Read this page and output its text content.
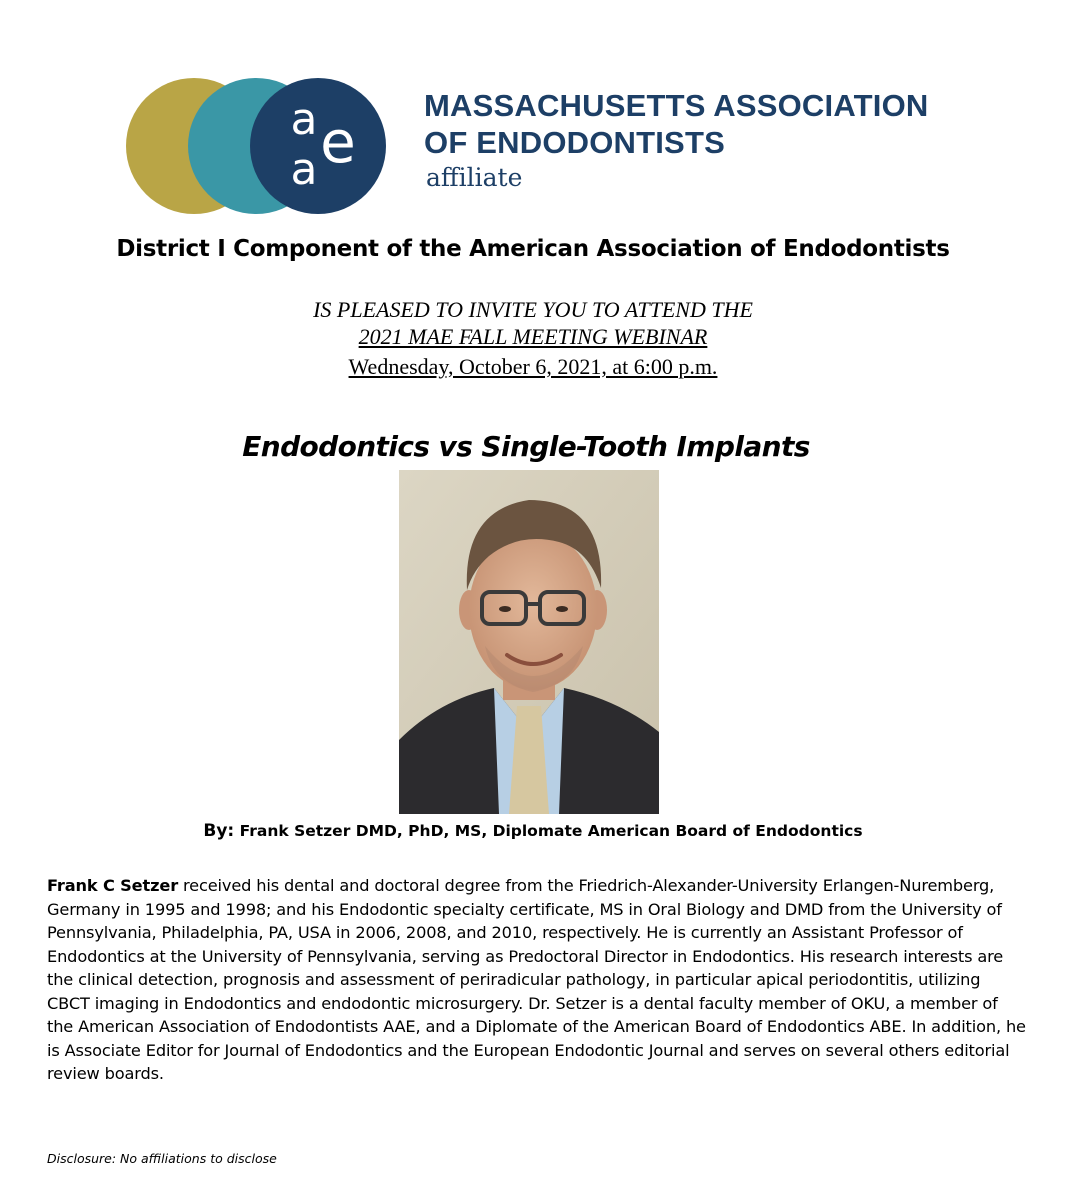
a
a e
MASSACHUSETTS ASSOCIATION
OF ENDODONTISTS
affiliate
District I Component of the American Association of Endodontists
IS PLEASED TO INVITE YOU TO ATTEND THE
2021 MAE FALL MEETING WEBINAR
Wednesday, October 6, 2021, at 6:00 p.m.
Endodontics vs Single-Tooth Implants
By: Frank Setzer DMD, PhD, MS, Diplomate American Board of Endodontics
Frank C Setzer received his dental and doctoral degree from the Friedrich-Alexander-University Erlangen-Nuremberg, Germany in 1995 and 1998; and his Endodontic specialty certificate, MS in Oral Biology and DMD from the University of Pennsylvania, Philadelphia, PA, USA in 2006, 2008, and 2010, respectively. He is currently an Assistant Professor of Endodontics at the University of Pennsylvania, serving as Predoctoral Director in Endodontics. His research interests are the clinical detection, prognosis and assessment of periradicular pathology, in particular apical periodontitis, utilizing CBCT imaging in Endodontics and endodontic microsurgery. Dr. Setzer is a dental faculty member of OKU, a member of the American Association of Endodontists AAE, and a Diplomate of the American Board of Endodontics ABE. In addition, he is Associate Editor for Journal of Endodontics and the European Endodontic Journal and serves on several others editorial review boards.
Disclosure: No affiliations to disclose
